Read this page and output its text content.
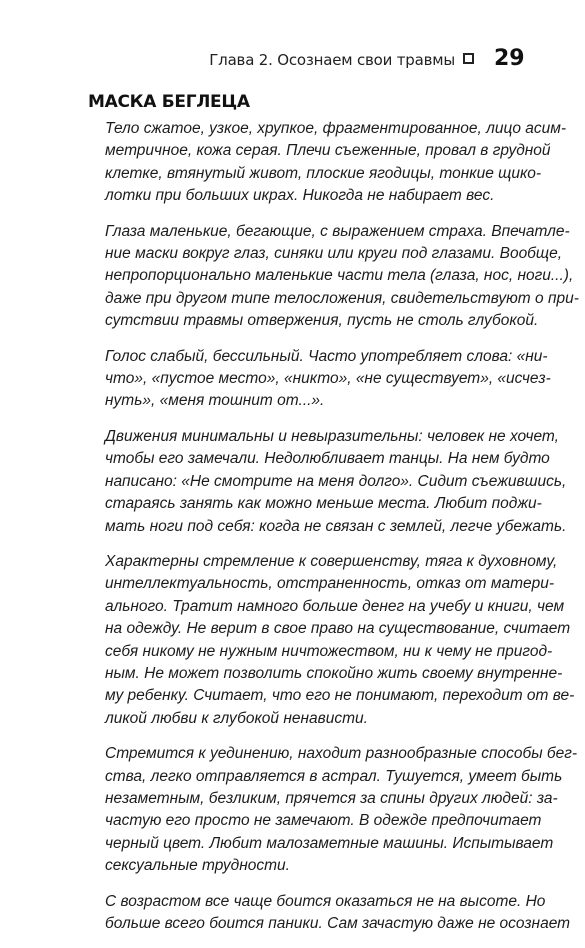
Глава 2. Осознаем свои травмы 29
МАСКА БЕГЛЕЦА

Тело сжатое, узкое, хрупкое, фрагментированное, лицо асим-
метричное, кожа серая. Плечи съеженные, провал в грудной
клетке, втянутый живот, плоские ягодицы, тонкие щико-
лотки при больших икрах. Никогда не набирает вес.

Глаза маленькие, бегающие, с выражением страха. Впечатле-
ние маски вокруг глаз, синяки или круги под глазами. Вообще,
непропорционально маленькие части тела (глаза, нос, ноги...),
даже при другом типе телосложения, свидетельствуют о при-
сутствии травмы отвержения, пусть не столь глубокой.

Голос слабый, бессильный. Часто употребляет слова: «ни-
что», «пустое место», «никто», «не существует», «исчез-
нуть», «меня тошнит от...».

Движения минимальны и невыразительны: человек не хочет,
чтобы его замечали. Недолюбливает танцы. На нем будто
написано: «Не смотрите на меня долго». Сидит съежившись,
стараясь занять как можно меньше места. Любит поджи-
мать ноги под себя: когда не связан с землей, легче убежать.

Характерны стремление к совершенству, тяга к духовному,
интеллектуальность, отстраненность, отказ от матери-
ального. Тратит намного больше денег на учебу и книги, чем
на одежду. Не верит в свое право на существование, считает
себя никому не нужным ничтожеством, ни к чему не пригод-
ным. Не может позволить спокойно жить своему внутренне-
му ребенку. Считает, что его не понимают, переходит от ве-
ликой любви к глубокой ненависти.

Стремится к уединению, находит разнообразные способы бег-
ства, легко отправляется в астрал. Тушуется, умеет быть
незаметным, безликим, прячется за спины других людей: за-
частую его просто не замечают. В одежде предпочитает
черный цвет. Любит малозаметные машины. Испытывает
сексуальные трудности.

С возрастом все чаще боится оказаться не на высоте. Но
больше всего боится паники. Сам зачастую даже не осознает
